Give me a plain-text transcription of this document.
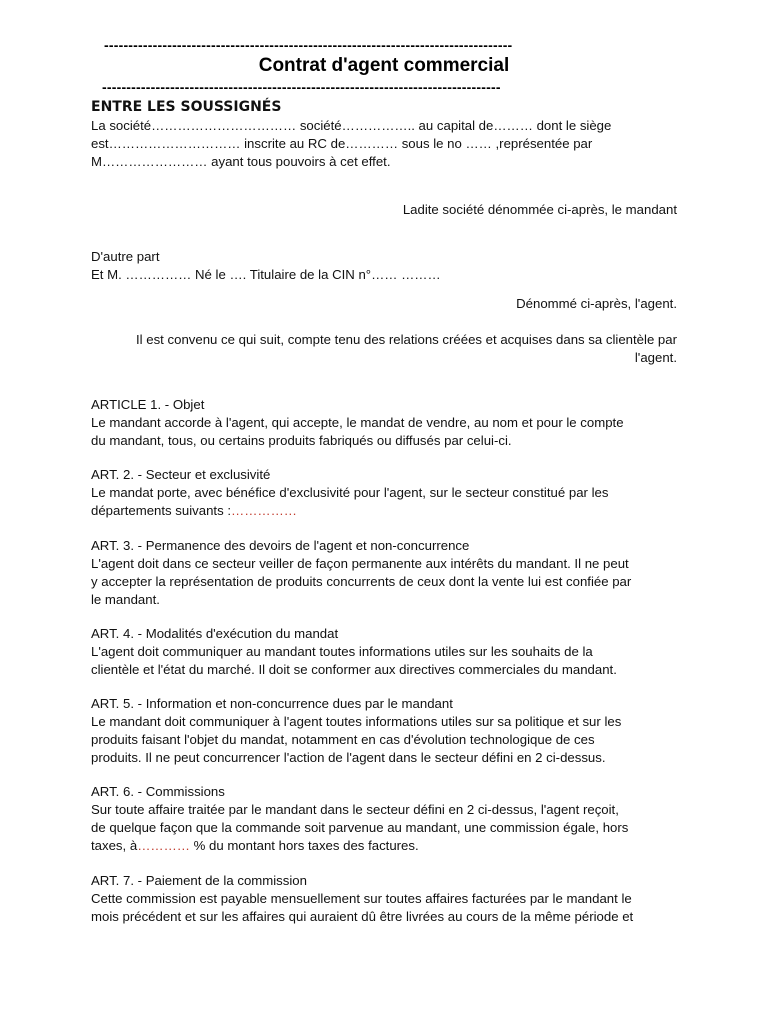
------------------------------------------------------------------------------------
Contrat d'agent commercial
----------------------------------------------------------------------------------
ENTRE LES SOUSSIGNÉS
La société…………………………… société…………….. au capital de……… dont le siège
est………………………… inscrite au RC de………… sous le no …… ,représentée par
M…………………… ayant tous pouvoirs à cet effet.
Ladite société dénommée ci-après, le mandant
D'autre part
Et M. …………… Né le …. Titulaire de la CIN n°…… ………
Dénommé ci-après, l'agent.
Il est convenu ce qui suit, compte tenu des relations créées et acquises dans sa clientèle par
l'agent.
ARTICLE 1. - Objet
Le mandant accorde à l'agent, qui accepte, le mandat de vendre, au nom et pour le compte
du mandant, tous, ou certains produits fabriqués ou diffusés par celui-ci.
ART. 2. - Secteur et exclusivité
Le mandat porte, avec bénéfice d'exclusivité pour l'agent, sur le secteur constitué par les
départements suivants :……………
ART. 3. - Permanence des devoirs de l'agent et non-concurrence
L'agent doit dans ce secteur veiller de façon permanente aux intérêts du mandant. Il ne peut
y accepter la représentation de produits concurrents de ceux dont la vente lui est confiée par
le mandant.
ART. 4. - Modalités d'exécution du mandat
L'agent doit communiquer au mandant toutes informations utiles sur les souhaits de la
clientèle et l'état du marché. Il doit se conformer aux directives commerciales du mandant.
ART. 5. - Information et non-concurrence dues par le mandant
Le mandant doit communiquer à l'agent toutes informations utiles sur sa politique et sur les
produits faisant l'objet du mandat, notamment en cas d'évolution technologique de ces
produits. Il ne peut concurrencer l'action de l'agent dans le secteur défini en 2 ci-dessus.
ART. 6. - Commissions
Sur toute affaire traitée par le mandant dans le secteur défini en 2 ci-dessus, l'agent reçoit,
de quelque façon que la commande soit parvenue au mandant, une commission égale, hors
taxes, à………… % du montant hors taxes des factures.
ART. 7. - Paiement de la commission
Cette commission est payable mensuellement sur toutes affaires facturées par le mandant le
mois précédent et sur les affaires qui auraient dû être livrées au cours de la même période et
